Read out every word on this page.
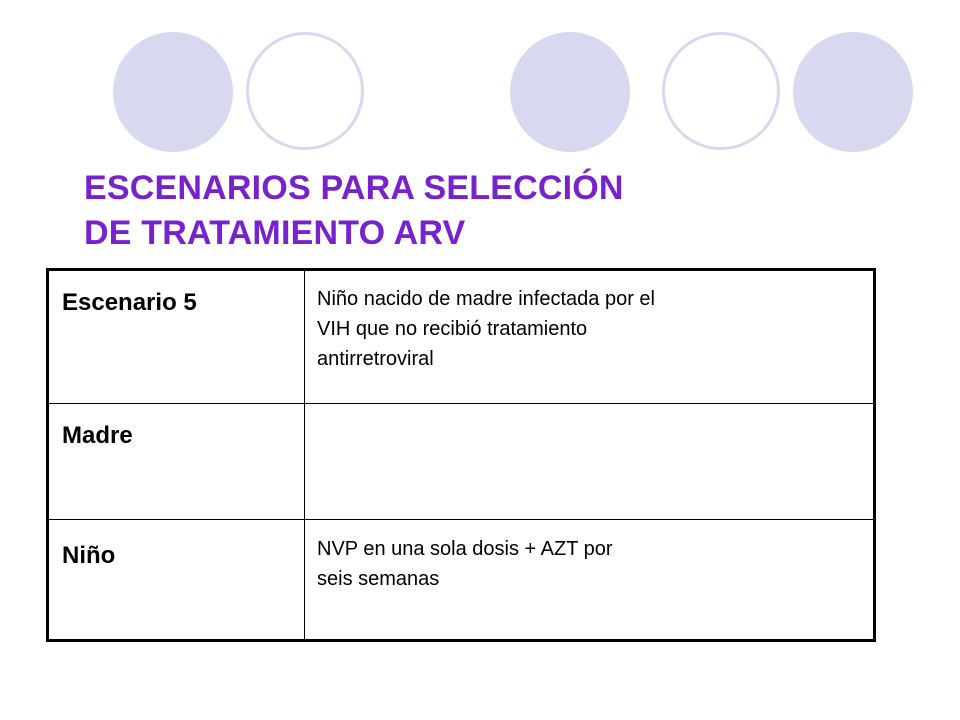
ESCENARIOS PARA SELECCIÓN
DE TRATAMIENTO ARV
Escenario 5	Niño nacido de madre infectada por el
VIH que no recibió tratamiento
antirretroviral

Madre	
Niño	NVP en una sola dosis + AZT por
seis semanas
